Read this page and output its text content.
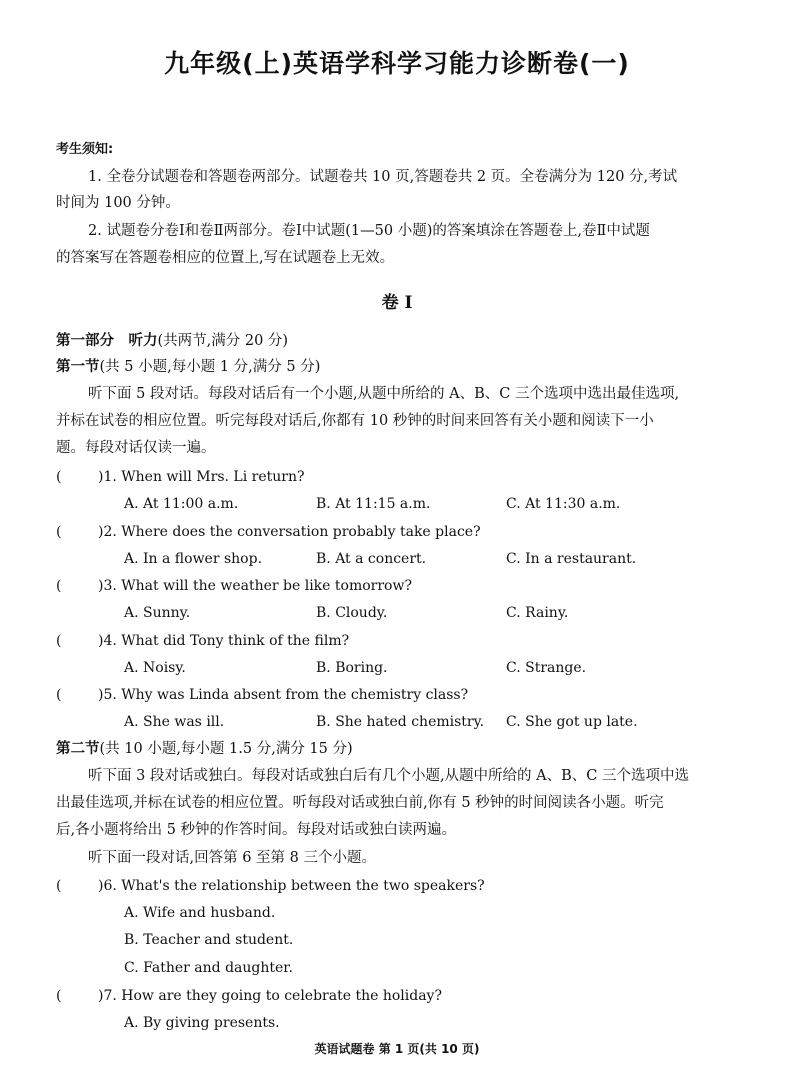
九年级(上)英语学科学习能力诊断卷(一)
考生须知:
1. 全卷分试题卷和答题卷两部分。试题卷共 10 页,答题卷共 2 页。全卷满分为 120 分,考试
时间为 100 分钟。
2. 试题卷分卷Ⅰ和卷Ⅱ两部分。卷Ⅰ中试题(1—50 小题)的答案填涂在答题卷上,卷Ⅱ中试题
的答案写在答题卷相应的位置上,写在试题卷上无效。
卷 Ⅰ
第一部分　听力(共两节,满分 20 分)
第一节(共 5 小题,每小题 1 分,满分 5 分)
听下面 5 段对话。每段对话后有一个小题,从题中所给的 A、B、C 三个选项中选出最佳选项,
并标在试卷的相应位置。听完每段对话后,你都有 10 秒钟的时间来回答有关小题和阅读下一小
题。每段对话仅读一遍。
(	)1. When will Mrs. Li return?
A. At 11:00 a.m.	B. At 11:15 a.m.	C. At 11:30 a.m.
(	)2. Where does the conversation probably take place?
A. In a flower shop.	B. At a concert.	C. In a restaurant.
(	)3. What will the weather be like tomorrow?
A. Sunny.	B. Cloudy.	C. Rainy.
(	)4. What did Tony think of the film?
A. Noisy.	B. Boring.	C. Strange.
(	)5. Why was Linda absent from the chemistry class?
A. She was ill.	B. She hated chemistry. C. She got up late.
第二节(共 10 小题,每小题 1.5 分,满分 15 分)
听下面 3 段对话或独白。每段对话或独白后有几个小题,从题中所给的 A、B、C 三个选项中选
出最佳选项,并标在试卷的相应位置。听每段对话或独白前,你有 5 秒钟的时间阅读各小题。听完
后,各小题将给出 5 秒钟的作答时间。每段对话或独白读两遍。
听下面一段对话,回答第 6 至第 8 三个小题。
(	)6. What's the relationship between the two speakers?
A. Wife and husband.
B. Teacher and student.
C. Father and daughter.
(	)7. How are they going to celebrate the holiday?
A. By giving presents.
英语试题卷 第 1 页(共 10 页)
